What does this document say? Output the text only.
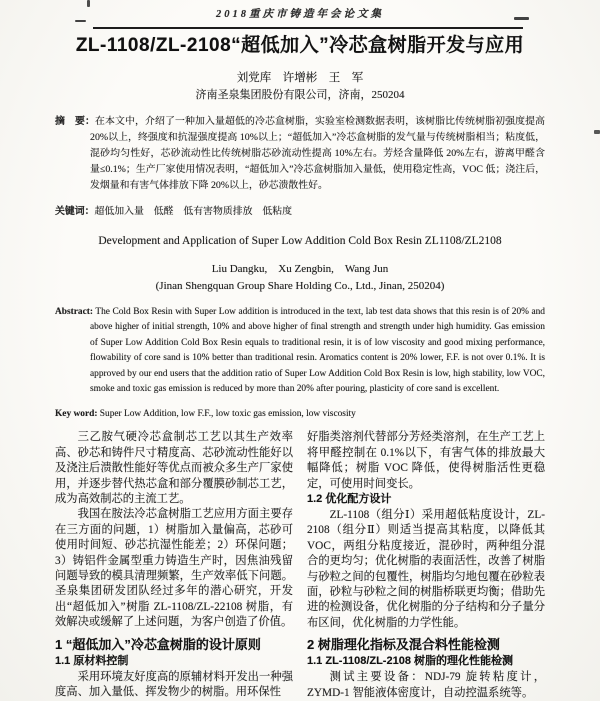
2018重庆市铸造年会论文集
ZL-1108/ZL-2108“超低加入”冷芯盒树脂开发与应用
刘党库　许增彬　王　军
济南圣泉集团股份有限公司，济南，250204

摘　要：在本文中，介绍了一种加入量超低的冷芯盒树脂，实验室检测数据表明，该树脂比传统树脂初强度提高 20%以上，终强度和抗湿强度提高 10%以上；“超低加入”冷芯盒树脂的发气量与传统树脂相当；粘度低，混砂均匀性好，芯砂流动性比传统树脂芯砂流动性提高 10%左右。芳烃含量降低 20%左右，游离甲醛含量≤0.1%；生产厂家使用情况表明，“超低加入”冷芯盒树脂加入量低，使用稳定性高，VOC 低；浇注后，发烟量和有害气体排放下降 20%以上，砂芯溃散性好。

关键词：超低加入量　低醛　低有害物质排放　低粘度

Development and Application of Super Low Addition Cold Box Resin ZL1108/ZL2108
Liu Dangku,　Xu Zengbin,　Wang Jun
(Jinan Shengquan Group Share Holding Co., Ltd., Jinan, 250204)

Abstract: The Cold Box Resin with Super Low addition is introduced in the text, lab test data shows that this resin is of 20% and above higher of initial strength, 10% and above higher of final strength and strength under high humidity. Gas emission of Super Low Addition Cold Box Resin equals to traditional resin, it is of low viscosity and good mixing performance, flowability of core sand is 10% better than traditional resin. Aromatics content is 20% lower, F.F. is not over 0.1%. It is approved by our end users that the addition ratio of Super Low Addition Cold Box Resin is low, high stability, low VOC, smoke and toxic gas emission is reduced by more than 20% after pouring, plasticity of core sand is excellent.

Key word: Super Low Addition, low F.F., low toxic gas emission, low viscosity

三乙胺气硬冷芯盒制芯工艺以其生产效率高、砂芯和铸件尺寸精度高、芯砂流动性能好以及浇注后溃散性能好等优点而被众多生产厂家使用，并逐步替代热芯盒和部分覆膜砂制芯工艺，成为高效制芯的主流工艺。

我国在胺法冷芯盒树脂工艺应用方面主要存在三方面的问题，1）树脂加入量偏高，芯砂可使用时间短、砂芯抗湿性能差；2）环保问题；3）铸铝件金属型重力铸造生产时，因焦油残留问题导致的模具清理频繁，生产效率低下问题。圣泉集团研发团队经过多年的潜心研究，开发出“超低加入”树脂 ZL-1108/ZL-22108 树脂，有效解决或缓解了上述问题，为客户创造了价值。

1 “超低加入”冷芯盒树脂的设计原则
1.1 原材料控制

采用环境友好度高的原辅材料开发出一种强度高、加入量低、挥发物少的树脂。用环保性

好脂类溶剂代替部分芳烃类溶剂，在生产工艺上将甲醛控制在 0.1%以下，有害气体的排放最大幅降低；树脂 VOC 降低，使得树脂活性更稳定，可使用时间变长。

1.2 优化配方设计

ZL-1108（组分Ⅰ）采用超低粘度设计，ZL-2108（组分Ⅱ）则适当提高其粘度，以降低其 VOC，两组分粘度接近，混砂时，两种组分混合的更均匀；优化树脂的表面活性，改善了树脂与砂粒之间的包覆性，树脂均匀地包覆在砂粒表面，砂粒与砂粒之间的树脂桥联更均衡；借助先进的检测设备，优化树脂的分子结构和分子量分布区间，优化树脂的力学性能。

2 树脂理化指标及混合料性能检测
1.1 ZL-1108/ZL-2108 树脂的理化性能检测

测试主要设备：NDJ-79 旋转粘度计，ZYMD-1 智能液体密度计，自动控温系统等。
